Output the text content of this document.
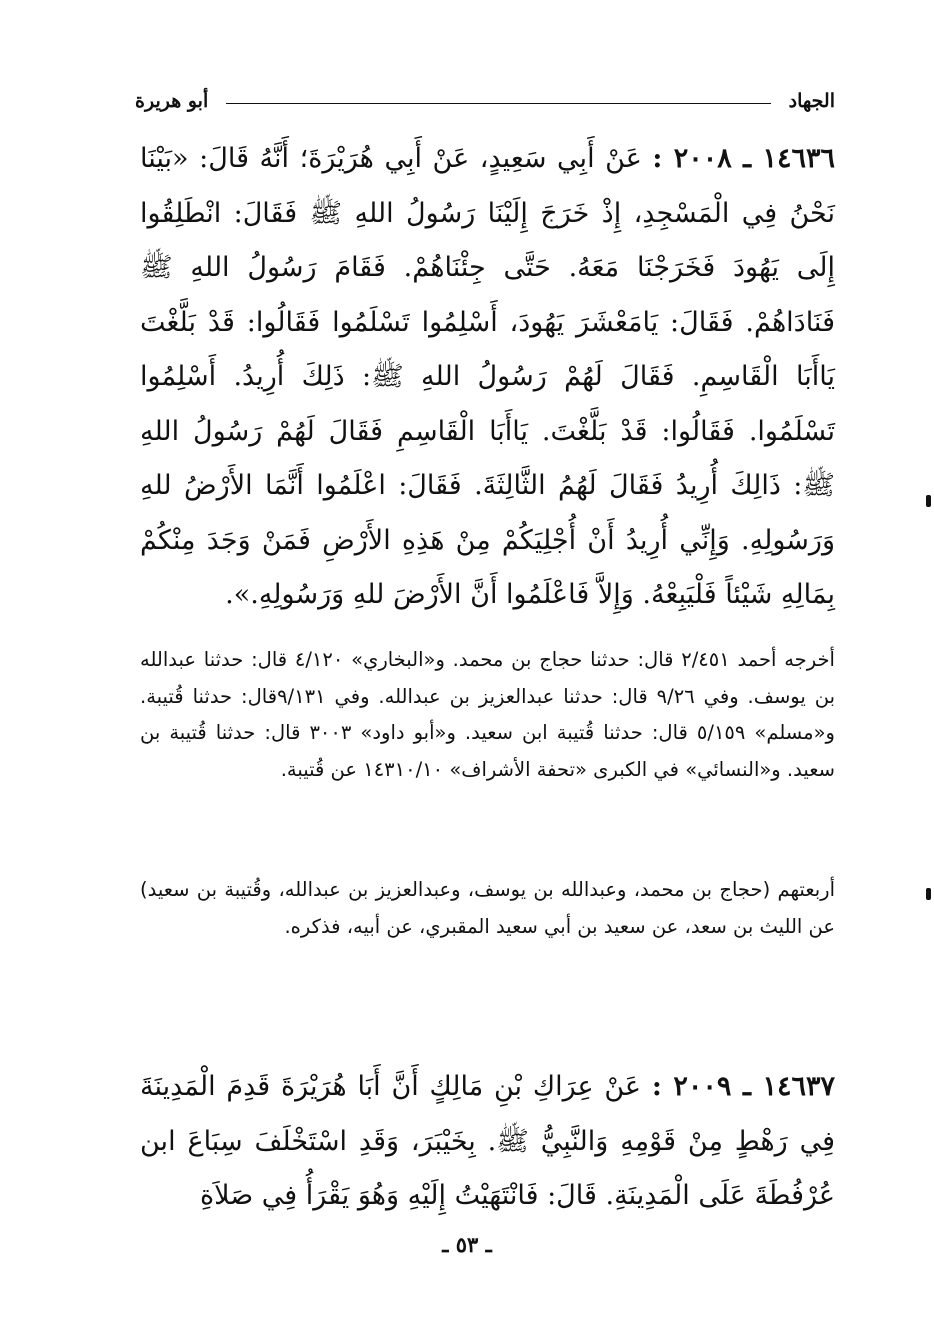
الجهاد
أبو هريرة

١٤٦٣٦ ـ ٢٠٠٨ : عَنْ أَبِي سَعِيدٍ، عَنْ أَبِي هُرَيْرَةَ؛ أَنَّهُ قَالَ: «بَيْنَا نَحْنُ فِي الْمَسْجِدِ، إِذْ خَرَجَ إِلَيْنَا رَسُولُ اللهِ ﷺ فَقَالَ: انْطَلِقُوا إِلَى يَهُودَ فَخَرَجْنَا مَعَهُ. حَتَّى جِئْنَاهُمْ. فَقَامَ رَسُولُ اللهِ ﷺ فَنَادَاهُمْ. فَقَالَ: يَامَعْشَرَ يَهُودَ، أَسْلِمُوا تَسْلَمُوا فَقَالُوا: قَدْ بَلَّغْتَ يَاأَبَا الْقَاسِمِ. فَقَالَ لَهُمْ رَسُولُ اللهِ ﷺ: ذَلِكَ أُرِيدُ. أَسْلِمُوا تَسْلَمُوا. فَقَالُوا: قَدْ بَلَّغْتَ. يَاأَبَا الْقَاسِمِ فَقَالَ لَهُمْ رَسُولُ اللهِ ﷺ: ذَالِكَ أُرِيدُ فَقَالَ لَهُمُ الثَّالِثَةَ. فَقَالَ: اعْلَمُوا أَنَّمَا الأَرْضُ للهِ وَرَسُولِهِ. وَإِنِّي أُرِيدُ أَنْ أُجْلِيَكُمْ مِنْ هَذِهِ الأَرْضِ فَمَنْ وَجَدَ مِنْكُمْ بِمَالِهِ شَيْئاً فَلْيَبِعْهُ. وَإِلاَّ فَاعْلَمُوا أَنَّ الأَرْضَ للهِ وَرَسُولِهِ.».

أخرجه أحمد ٢/٤٥١ قال: حدثنا حجاج بن محمد. و«البخاري» ٤/١٢٠ قال: حدثنا عبدالله بن يوسف. وفي ٩/٢٦ قال: حدثنا عبدالعزيز بن عبدالله. وفي ٩/١٣١قال: حدثنا قُتيبة. و«مسلم» ٥/١٥٩ قال: حدثنا قُتيبة ابن سعيد. و«أبو داود» ٣٠٠٣ قال: حدثنا قُتيبة بن سعيد. و«النسائي» في الكبرى «تحفة الأشراف» ١٤٣١٠/١٠ عن قُتيبة.

أربعتهم (حجاج بن محمد، وعبدالله بن يوسف، وعبدالعزيز بن عبدالله، وقُتيبة بن سعيد) عن الليث بن سعد، عن سعيد بن أبي سعيد المقبري، عن أبيه، فذكره.

١٤٦٣٧ ـ ٢٠٠٩ : عَنْ عِرَاكِ بْنِ مَالِكٍ أَنَّ أَبَا هُرَيْرَةَ قَدِمَ الْمَدِينَةَ فِي رَهْطٍ مِنْ قَوْمِهِ وَالنَّبِيُّ ﷺ. بِخَيْبَرَ، وَقَدِ اسْتَخْلَفَ سِبَاعَ ابن عُرْفُطَةَ عَلَى الْمَدِينَةِ. قَالَ: فَانْتَهَيْتُ إِلَيْهِ وَهُوَ يَقْرَأُ فِي صَلاَةِ

ـ ٥٣ ـ
